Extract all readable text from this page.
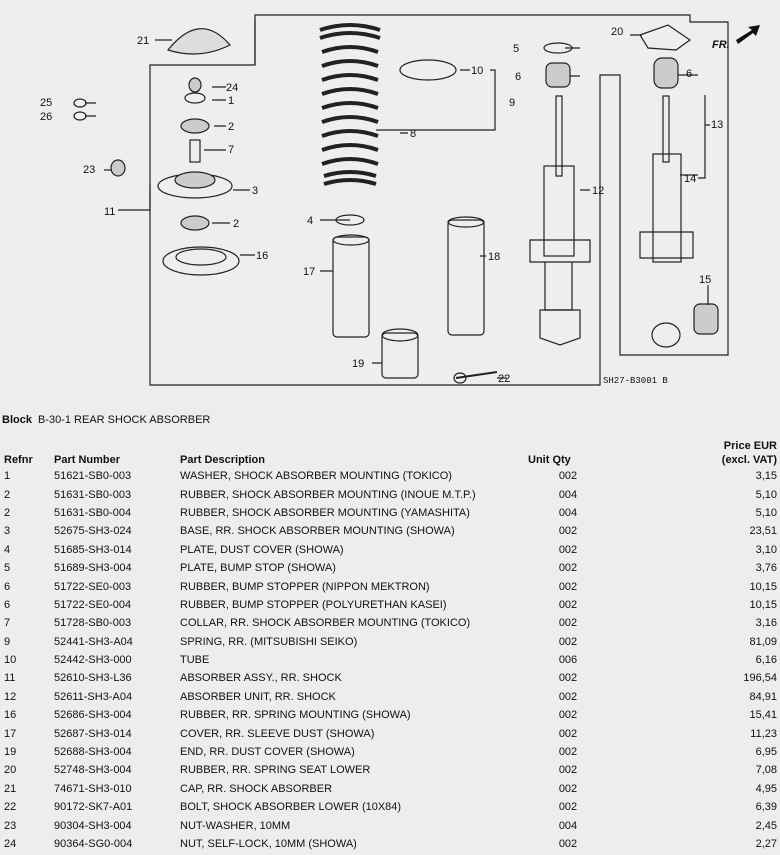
FR.
21
24
1
25
26
2
7
23
3
11
2
16
8
4
17
10
9
5
6
12
18
19
22
20
6
13
14
15
SH27-B3001 B
Block B-30-1 REAR SHOCK ABSORBER
Refnr	Part Number	Part Description	Unit Qty	Price EUR
(excl. VAT)
1	51621-SB0-003	WASHER, SHOCK ABSORBER MOUNTING (TOKICO)	002	3,15
2	51631-SB0-003	RUBBER, SHOCK ABSORBER MOUNTING (INOUE M.T.P.)	004	5,10
2	51631-SB0-004	RUBBER, SHOCK ABSORBER MOUNTING (YAMASHITA)	004	5,10
3	52675-SH3-024	BASE, RR. SHOCK ABSORBER MOUNTING (SHOWA)	002	23,51
4	51685-SH3-014	PLATE, DUST COVER (SHOWA)	002	3,10
5	51689-SH3-004	PLATE, BUMP STOP (SHOWA)	002	3,76
6	51722-SE0-003	RUBBER, BUMP STOPPER (NIPPON MEKTRON)	002	10,15
6	51722-SE0-004	RUBBER, BUMP STOPPER (POLYURETHAN KASEI)	002	10,15
7	51728-SB0-003	COLLAR, RR. SHOCK ABSORBER MOUNTING (TOKICO)	002	3,16
9	52441-SH3-A04	SPRING, RR. (MITSUBISHI SEIKO)	002	81,09
10	52442-SH3-000	TUBE	006	6,16
11	52610-SH3-L36	ABSORBER ASSY., RR. SHOCK	002	196,54
12	52611-SH3-A04	ABSORBER UNIT, RR. SHOCK	002	84,91
16	52686-SH3-004	RUBBER, RR. SPRING MOUNTING (SHOWA)	002	15,41
17	52687-SH3-014	COVER, RR. SLEEVE DUST (SHOWA)	002	11,23
19	52688-SH3-004	END, RR. DUST COVER (SHOWA)	002	6,95
20	52748-SH3-004	RUBBER, RR. SPRING SEAT LOWER	002	7,08
21	74671-SH3-010	CAP, RR. SHOCK ABSORBER	002	4,95
22	90172-SK7-A01	BOLT, SHOCK ABSORBER LOWER (10X84)	002	6,39
23	90304-SH3-004	NUT-WASHER, 10MM	004	2,45
24	90364-SG0-004	NUT, SELF-LOCK, 10MM (SHOWA)	002	2,27
